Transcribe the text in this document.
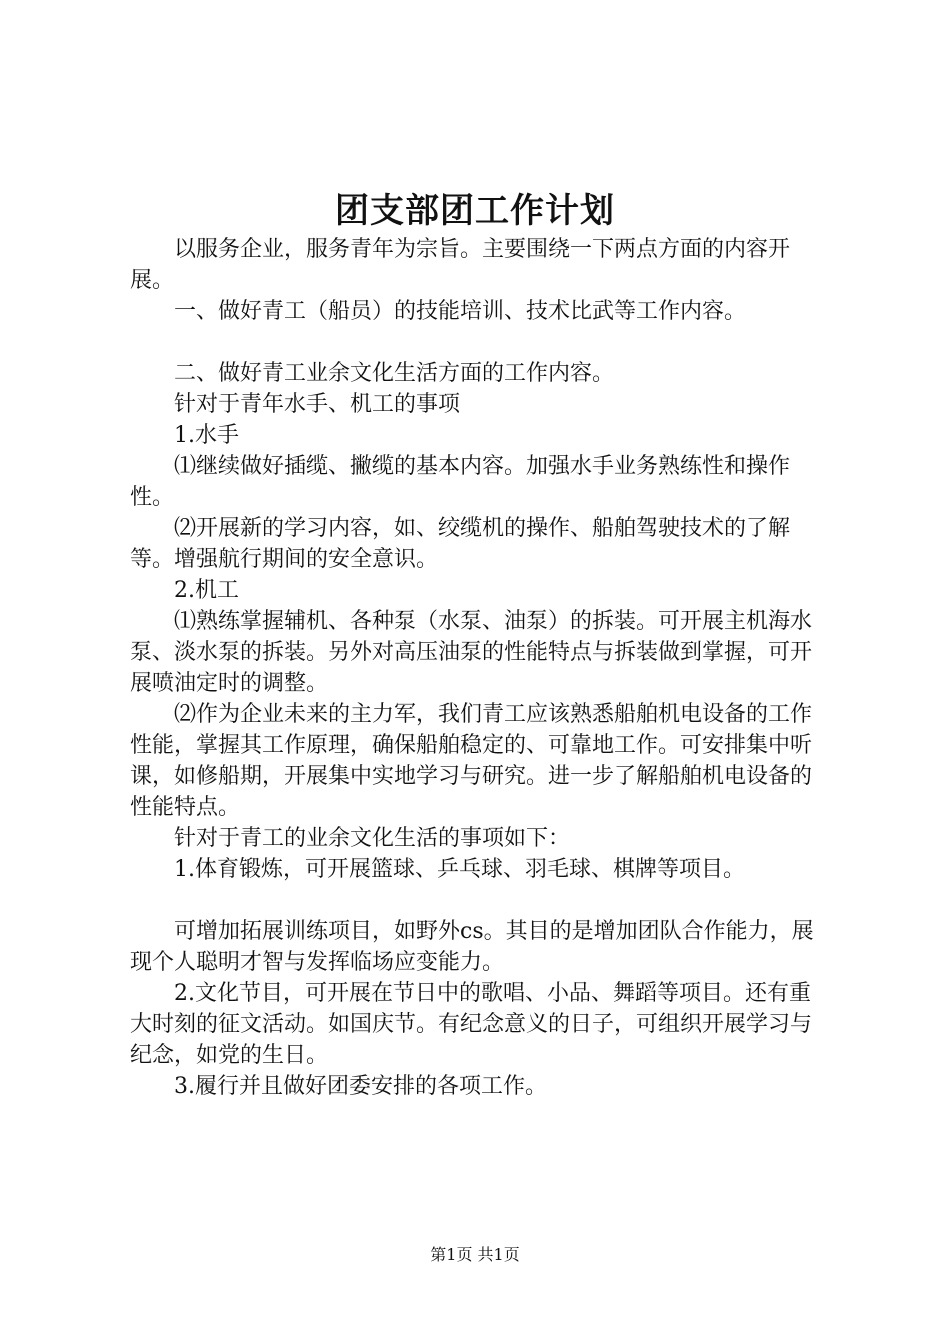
团支部团工作计划

以服务企业，服务青年为宗旨。主要围绕一下两点方面的内容开展。

一、做好青工（船员）的技能培训、技术比武等工作内容。

二、做好青工业余文化生活方面的工作内容。

针对于青年水手、机工的事项

1.水手

⑴继续做好插缆、撇缆的基本内容。加强水手业务熟练性和操作性。

⑵开展新的学习内容，如、绞缆机的操作、船舶驾驶技术的了解等。增强航行期间的安全意识。

2.机工

⑴熟练掌握辅机、各种泵（水泵、油泵）的拆装。可开展主机海水泵、淡水泵的拆装。另外对高压油泵的性能特点与拆装做到掌握，可开展喷油定时的调整。

⑵作为企业未来的主力军，我们青工应该熟悉船舶机电设备的工作性能，掌握其工作原理，确保船舶稳定的、可靠地工作。可安排集中听课，如修船期，开展集中实地学习与研究。进一步了解船舶机电设备的性能特点。

针对于青工的业余文化生活的事项如下：

1.体育锻炼，可开展篮球、乒乓球、羽毛球、棋牌等项目。

可增加拓展训练项目，如野外cs。其目的是增加团队合作能力，展现个人聪明才智与发挥临场应变能力。

2.文化节目，可开展在节日中的歌唱、小品、舞蹈等项目。还有重大时刻的征文活动。如国庆节。有纪念意义的日子，可组织开展学习与纪念，如党的生日。

3.履行并且做好团委安排的各项工作。

第1页 共1页
